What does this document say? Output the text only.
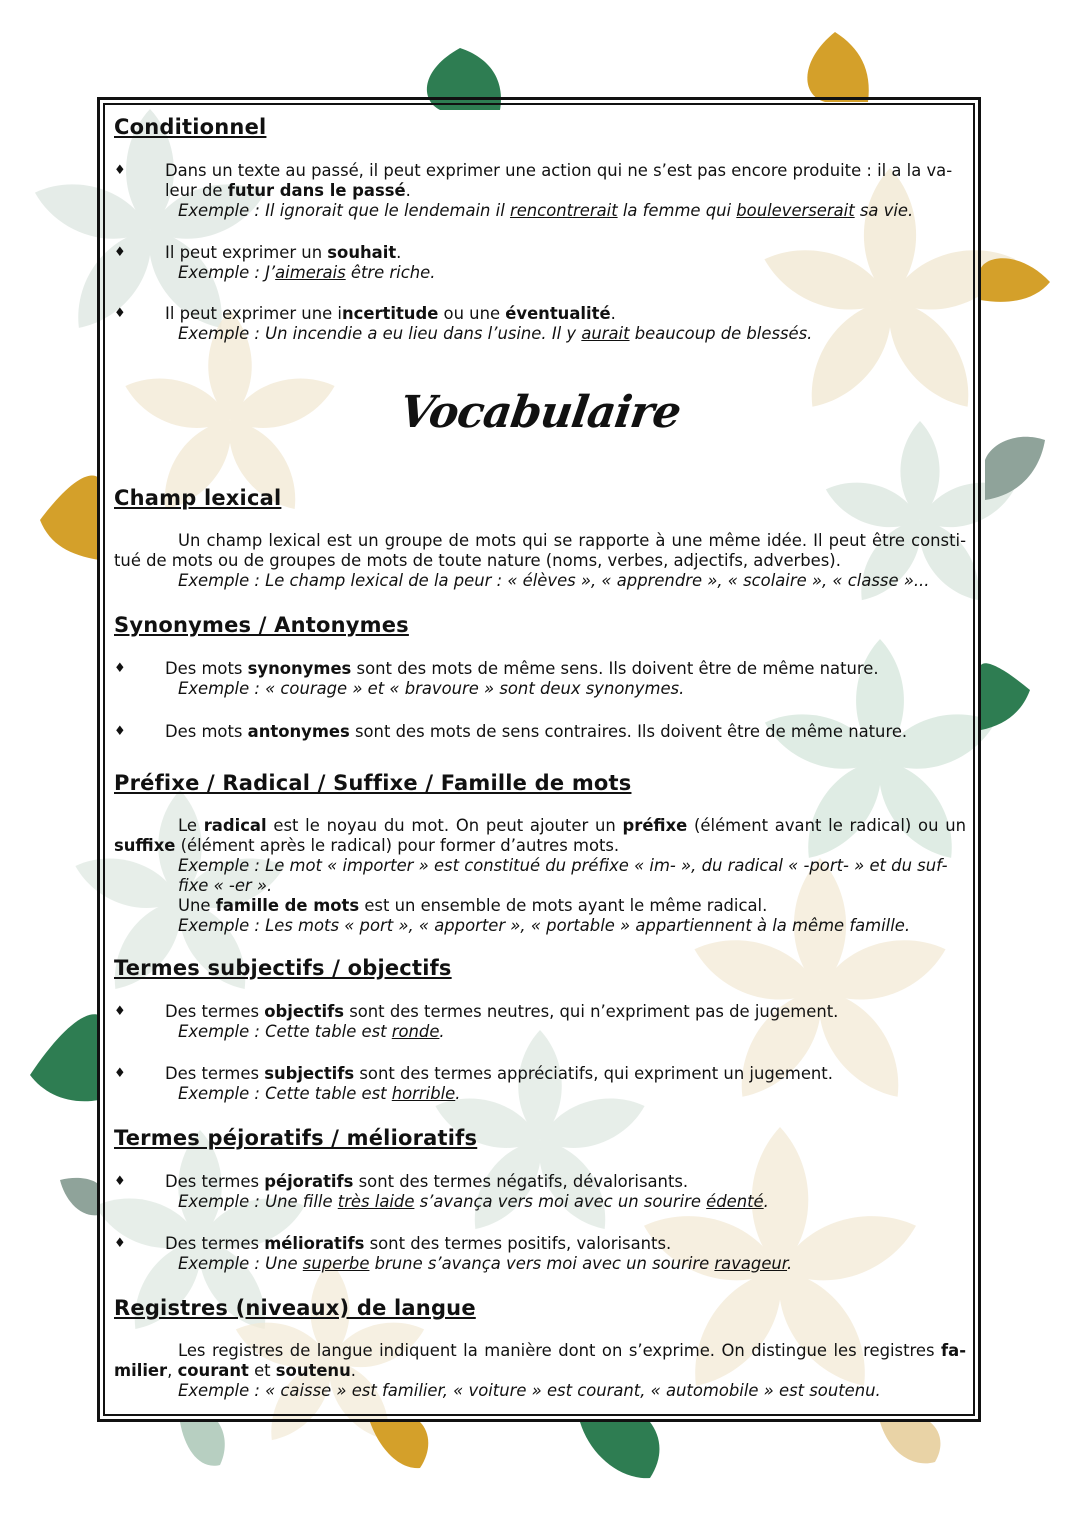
Conditionnel
♦ Dans un texte au passé, il peut exprimer une action qui ne s’est pas encore produite : il a la va-leur de futur dans le passé.

Exemple : Il ignorait que le lendemain il rencontrerait la femme qui bouleverserait sa vie.

♦ Il peut exprimer un souhait.

Exemple : J’aimerais être riche.

♦ Il peut exprimer une incertitude ou une éventualité.

Exemple : Un incendie a eu lieu dans l’usine. Il y aurait beaucoup de blessés.

Vocabulaire
Champ lexical

Un champ lexical est un groupe de mots qui se rapporte à une même idée. Il peut être consti-tué de mots ou de groupes de mots de toute nature (noms, verbes, adjectifs, adverbes).

Exemple : Le champ lexical de la peur : « élèves », « apprendre », « scolaire », « classe »...

Synonymes / Antonymes
♦ Des mots synonymes sont des mots de même sens. Ils doivent être de même nature.

Exemple : « courage » et « bravoure » sont deux synonymes.

♦ Des mots antonymes sont des mots de sens contraires. Ils doivent être de même nature.

Préfixe / Radical / Suffixe / Famille de mots

Le radical est le noyau du mot. On peut ajouter un préfixe (élément avant le radical) ou un suffixe (élément après le radical) pour former d’autres mots.

Exemple : Le mot « importer » est constitué du préfixe « im- », du radical « -port- » et du suf-fixe « -er ».

Une famille de mots est un ensemble de mots ayant le même radical.

Exemple : Les mots « port », « apporter », « portable » appartiennent à la même famille.

Termes subjectifs / objectifs
♦ Des termes objectifs sont des termes neutres, qui n’expriment pas de jugement.

Exemple : Cette table est ronde.

♦ Des termes subjectifs sont des termes appréciatifs, qui expriment un jugement.

Exemple : Cette table est horrible.

Termes péjoratifs / mélioratifs
♦ Des termes péjoratifs sont des termes négatifs, dévalorisants.

Exemple : Une fille très laide s’avança vers moi avec un sourire édenté.

♦ Des termes mélioratifs sont des termes positifs, valorisants.

Exemple : Une superbe brune s’avança vers moi avec un sourire ravageur.

Registres (niveaux) de langue

Les registres de langue indiquent la manière dont on s’exprime. On distingue les registres fa-milier, courant et soutenu.

Exemple : « caisse » est familier, « voiture » est courant, « automobile » est soutenu.
